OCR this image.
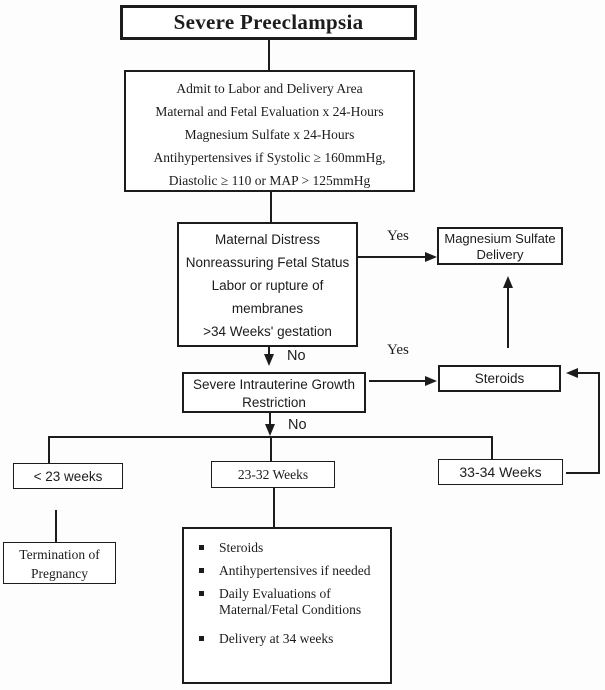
Severe Preeclampsia
Admit to Labor and Delivery Area
Maternal and Fetal Evaluation x 24-Hours
Magnesium Sulfate x 24-Hours
Antihypertensives if Systolic ≥ 160mmHg,
Diastolic ≥ 110 or MAP > 125mmHg
Maternal Distress
Nonreassuring Fetal Status
Labor or rupture of
membranes
>34 Weeks' gestation
Yes	Magnesium Sulfate
Delivery
No	Yes
Severe Intrauterine Growth
Restriction
Steroids
No
< 23 weeks	23-32 Weeks	33-34 Weeks
Termination of
Pregnancy
Steroids
Antihypertensives if needed
Daily Evaluations of Maternal/Fetal Conditions
Delivery at 34 weeks
